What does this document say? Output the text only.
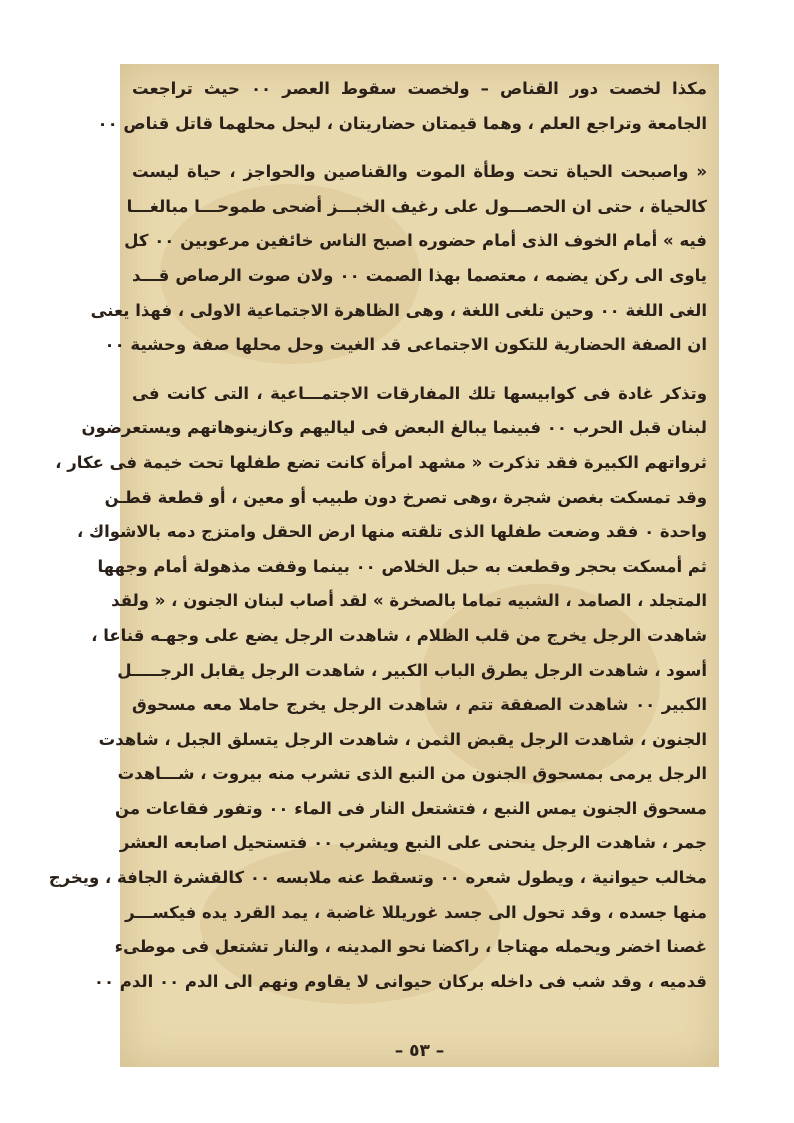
مكذا لخصت دور القناص – ولخصت سقوط العصر ٠٠ حيث تراجعت
الجامعة وتراجع العلم ، وهما قيمتان حضاريتان ، ليحل محلهما قاتل قناص ٠٠
« واصبحت الحياة تحت وطأة الموت والقناصين والحواجز ، حياة ليست
كالحياة ، حتى ان الحصـــول على رغيف الخبـــز أضحى طموحـــا مبالغـــا
فيه » أمام الخوف الذى أمام حضوره اصبح الناس خائفين مرعوبين ٠٠ كل
ياوى الى ركن يضمه ، معتصما بهذا الصمت ٠٠ ولان صوت الرصاص قـــد
الغى اللغة ٠٠ وحين تلغى اللغة ، وهى الظاهرة الاجتماعية الاولى ، فهذا يعنى
ان الصفة الحضارية للتكون الاجتماعى قد الغيت وحل محلها صفة وحشية ٠٠
وتذكر غادة فى كوابيسها تلك المفارقات الاجتمـــاعية ، التى كانت فى
لبنان قبل الحرب ٠٠ فبينما يبالغ البعض فى لياليهم وكازينوهاتهم ويستعرضون
ثرواتهم الكبيرة فقد تذكرت « مشهد امرأة كانت تضع طفلها تحت خيمة فى عكار ،
وقد تمسكت بغصن شجرة ،وهى تصرخ دون طبيب أو معين ، أو قطعة قطـن
واحدة ٠ فقد وضعت طفلها الذى تلقته منها ارض الحقل وامتزج دمه بالاشواك ،
ثم أمسكت بحجر وقطعت به حبل الخلاص ٠٠ بينما وقفت مذهولة أمام وجهها
المتجلد ، الصامد ، الشبيه تماما بالصخرة » لقد أصاب لبنان الجنون ، « ولقد
شاهدت الرجل يخرج من قلب الظلام ، شاهدت الرجل يضع على وجهـه قناعا ،
أسود ، شاهدت الرجل يطرق الباب الكبير ، شاهدت الرجل يقابل الرجـــــل
الكبير ٠٠ شاهدت الصفقة تتم ، شاهدت الرجل يخرج حاملا معه مسحوق
الجنون ، شاهدت الرجل يقبض الثمن ، شاهدت الرجل يتسلق الجبل ، شاهدت
الرجل يرمى بمسحوق الجنون من النبع الذى تشرب منه بيروت ، شـــاهدت
مسحوق الجنون يمس النبع ، فتشتعل النار فى الماء ٠٠ وتفور فقاعات من
جمر ، شاهدت الرجل ينحنى على النبع ويشرب ٠٠ فتستحيل اصابعه العشر
مخالب حيوانية ، ويطول شعره ٠٠ وتسقط عنه ملابسه ٠٠ كالقشرة الجافة ، ويخرج
منها جسده ، وقد تحول الى جسد غوريللا غاضبة ، يمد القرد يده فيكســـر
غصنا اخضر ويحمله مهتاجا ، راكضا نحو المدينه ، والنار تشتعل فى موطىء
قدميه ، وقد شب فى داخله بركان حيوانى لا يقاوم ونهم الى الدم ٠٠ الدم ٠٠
– ٥٣ –
